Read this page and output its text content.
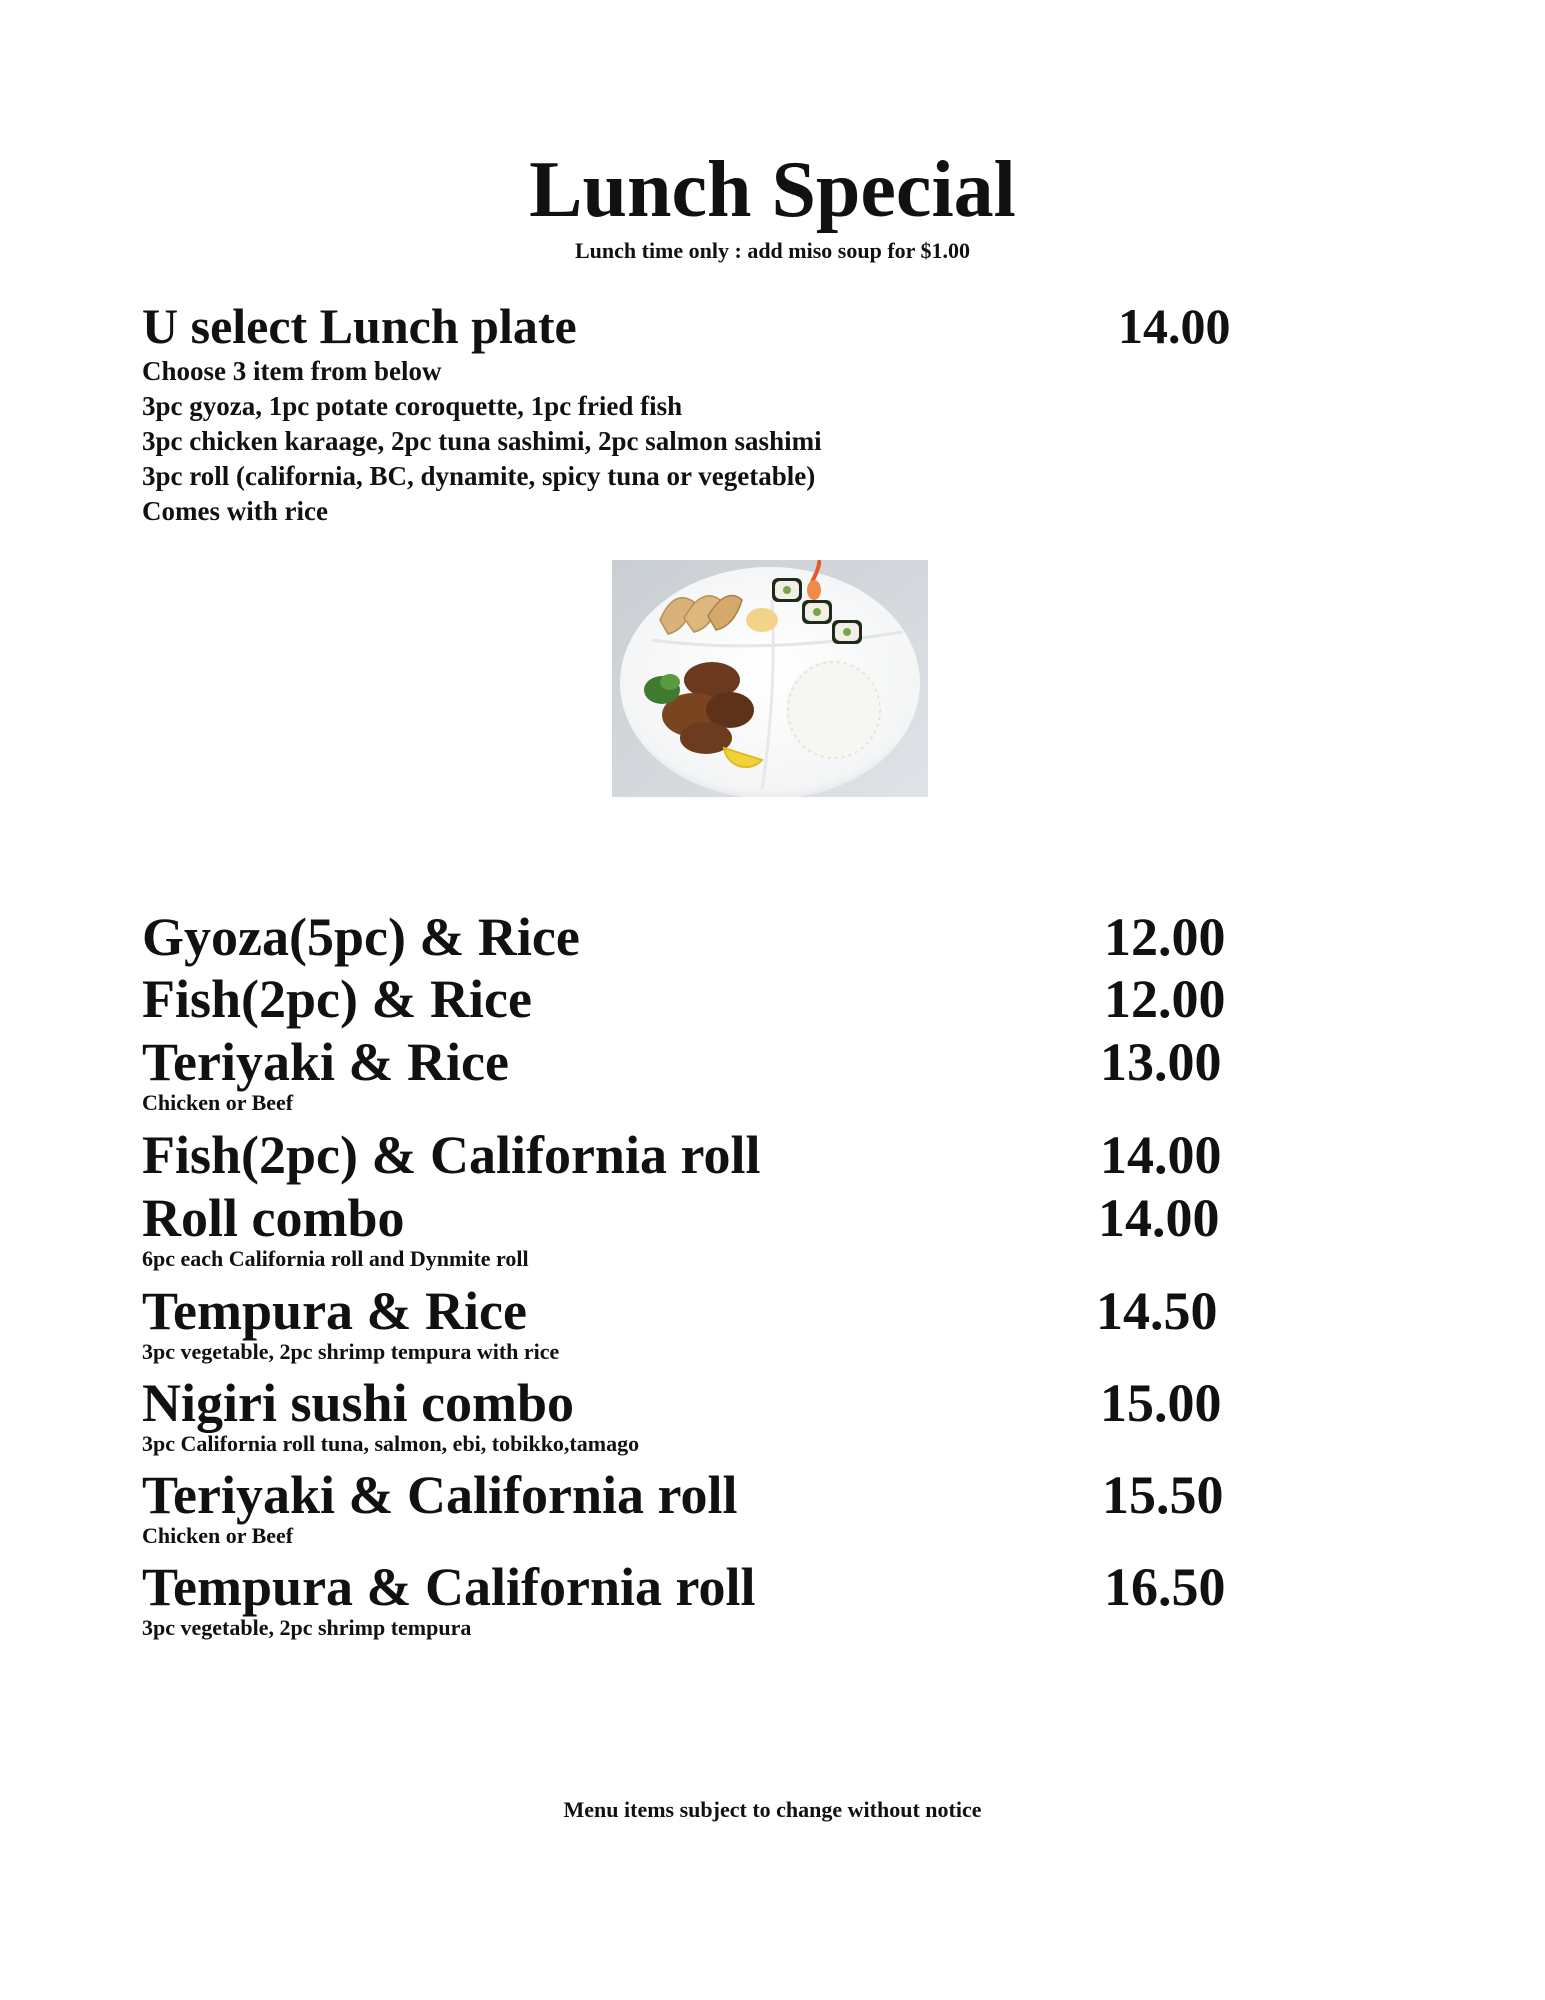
Lunch Special
Lunch time only : add miso soup for $1.00
U select Lunch plate	14.00
Choose 3 item from below
3pc gyoza, 1pc potate coroquette, 1pc fried fish
3pc chicken karaage, 2pc tuna sashimi, 2pc salmon sashimi
3pc roll (california, BC, dynamite, spicy tuna or vegetable)
Comes with rice
Gyoza(5pc) & Rice	12.00
Fish(2pc) & Rice	12.00
Teriyaki & Rice	13.00
Chicken or Beef
Fish(2pc) & California roll	14.00
Roll combo	14.00
6pc each California roll and Dynmite roll
Tempura & Rice	14.50
3pc vegetable, 2pc shrimp tempura with rice
Nigiri sushi combo	15.00
3pc California roll tuna, salmon, ebi, tobikko,tamago
Teriyaki & California roll	15.50
Chicken or Beef
Tempura & California roll	16.50
3pc vegetable, 2pc shrimp tempura
Menu items subject to change without notice
